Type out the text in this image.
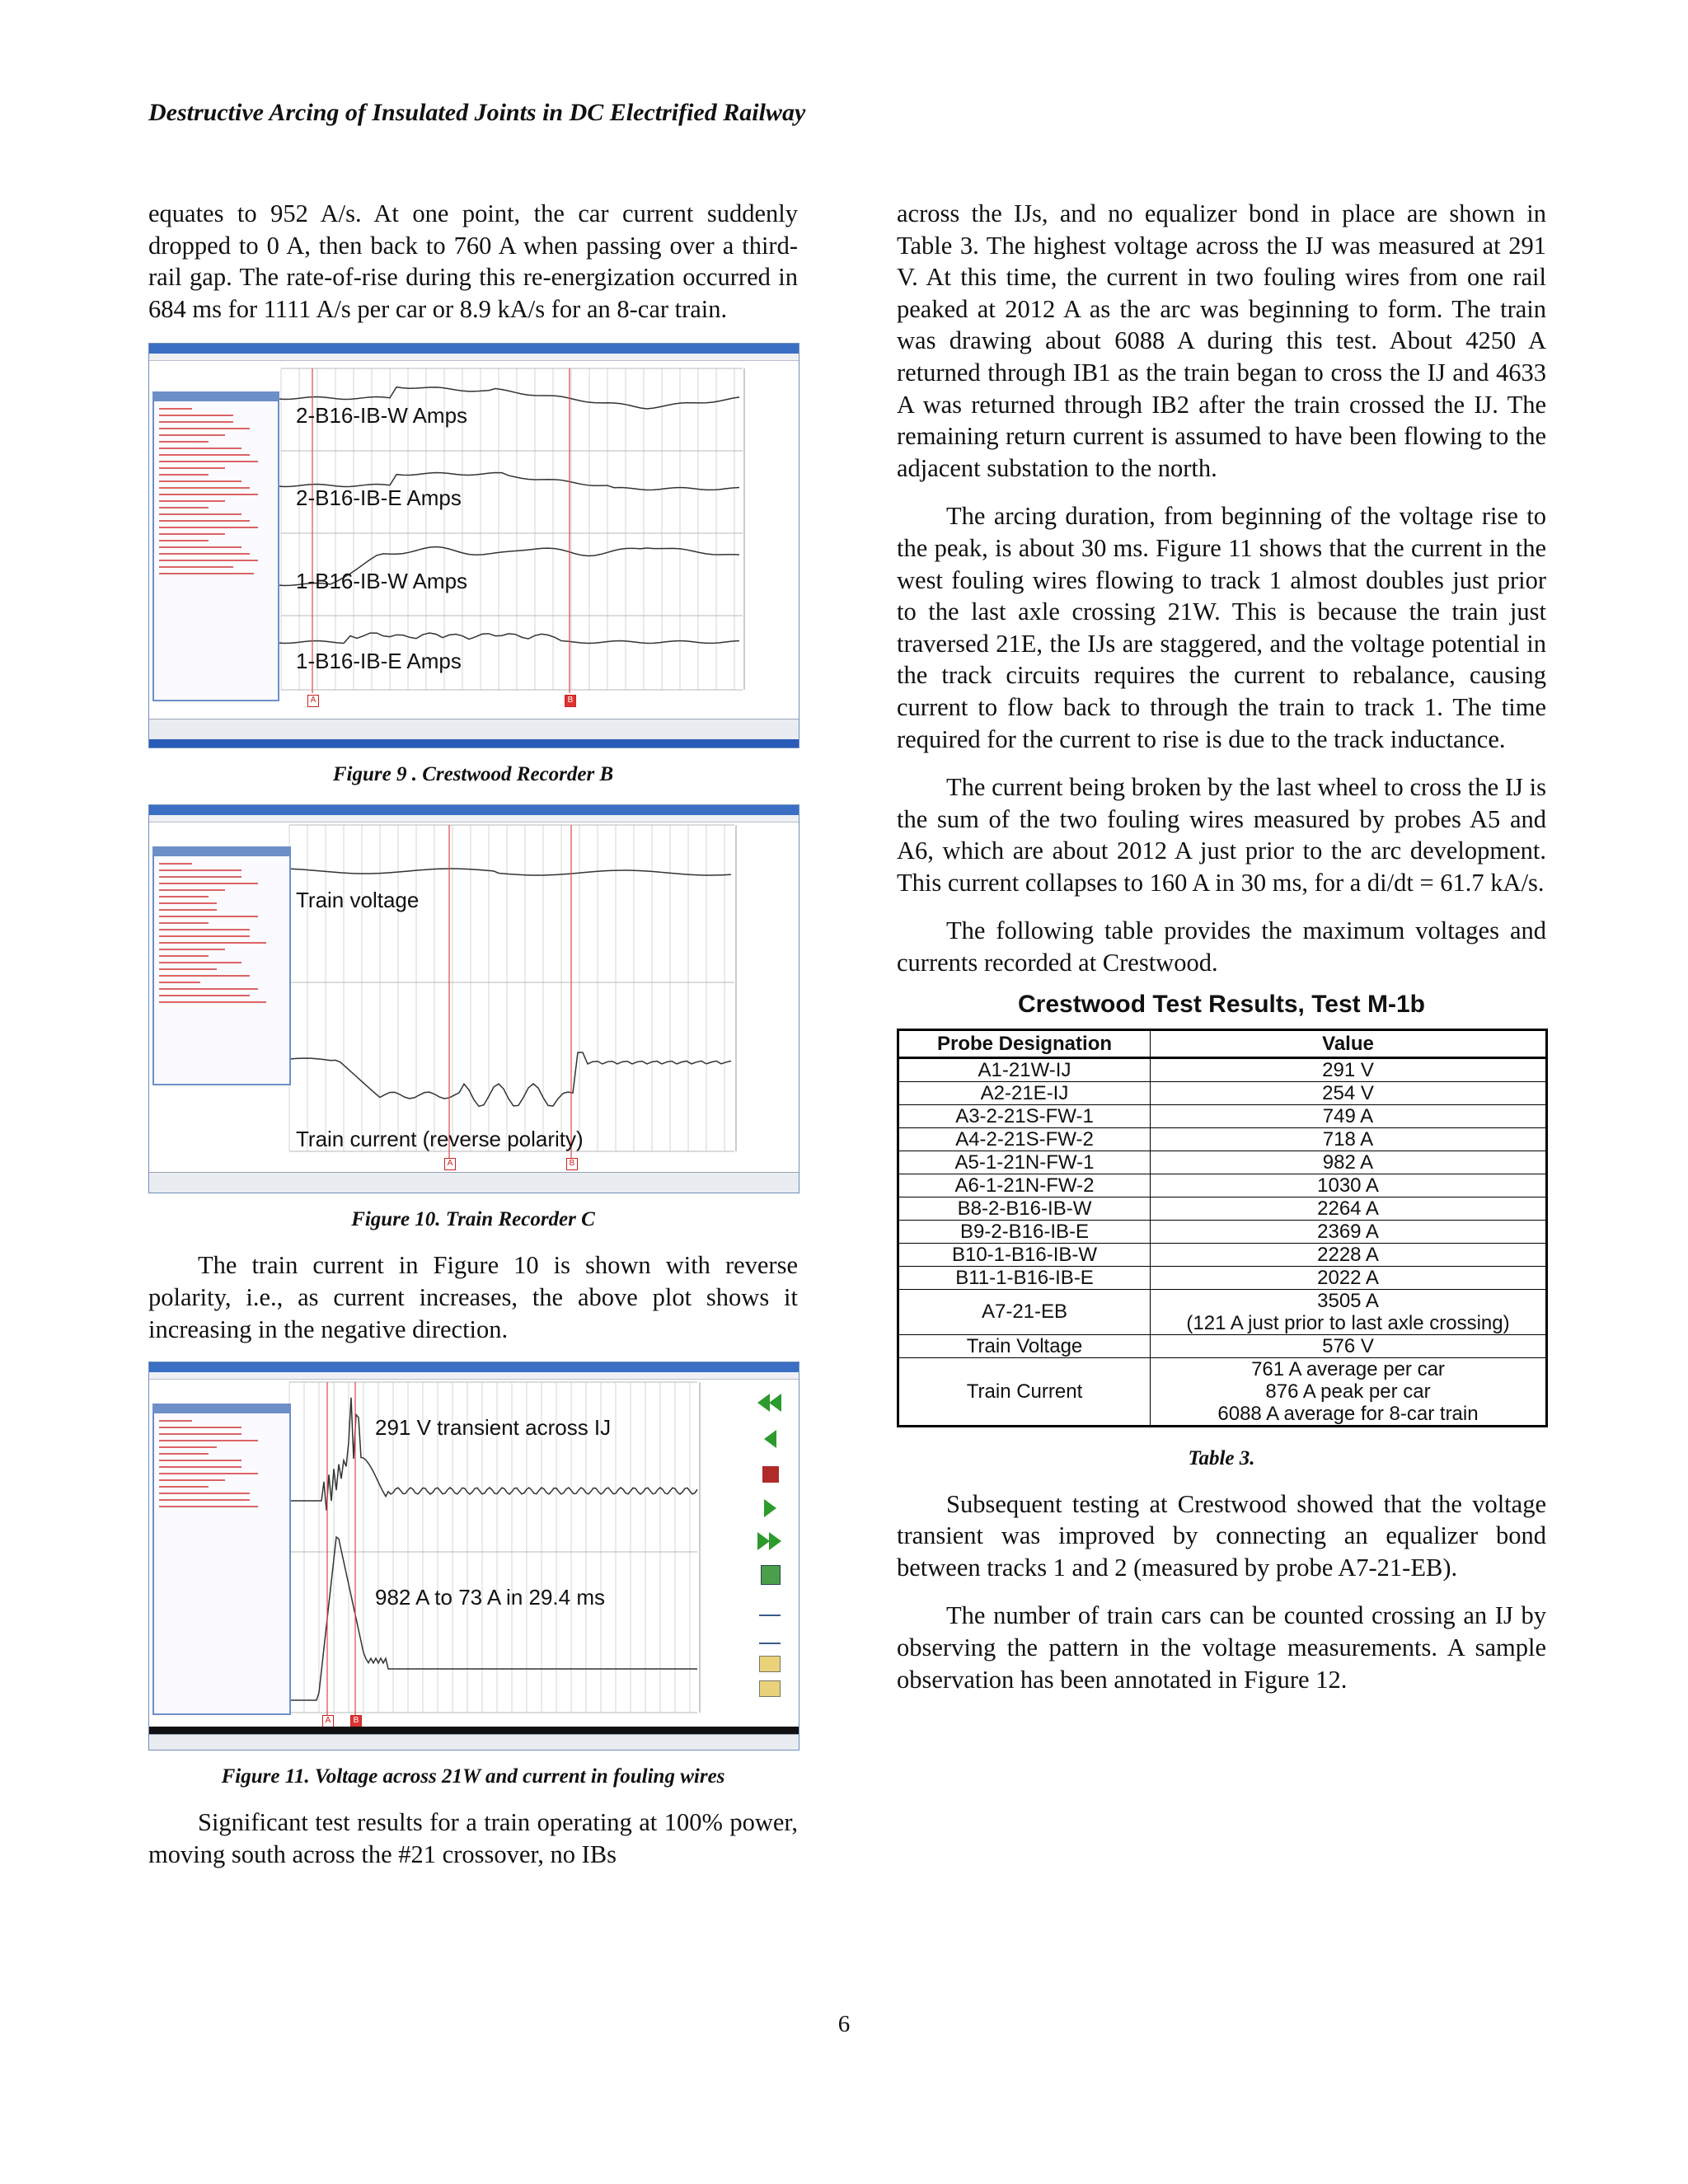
Destructive Arcing of Insulated Joints in DC Electrified Railway

equates to 952 A/s. At one point, the car current suddenly dropped to 0 A, then back to 760 A when passing over a third-rail gap. The rate-of-rise during this re-energization occurred in 684 ms for 1111 A/s per car or 8.9 kA/s for an 8-car train.

2-B16-IB-W Amps
2-B16-IB-E Amps
1-B16-IB-W Amps
1-B16-IB-E Amps
A	B
Figure 9 . Crestwood Recorder B
Train voltage
Train current (reverse polarity)
A	B
Figure 10. Train Recorder C

The train current in Figure 10 is shown with reverse polarity, i.e., as current increases, the above plot shows it increasing in the negative direction.

291 V transient across IJ
982 A to 73 A in 29.4 ms
A	B
Figure 11. Voltage across 21W and current in fouling wires

Significant test results for a train operating at 100% power, moving south across the #21 crossover, no IBs

across the IJs, and no equalizer bond in place are shown in Table 3. The highest voltage across the IJ was measured at 291 V. At this time, the current in two fouling wires from one rail peaked at 2012 A as the arc was beginning to form. The train was drawing about 6088 A during this test. About 4250 A returned through IB1 as the train began to cross the IJ and 4633 A was returned through IB2 after the train crossed the IJ. The remaining return current is assumed to have been flowing to the adjacent substation to the north.

The arcing duration, from beginning of the voltage rise to the peak, is about 30 ms. Figure 11 shows that the current in the west fouling wires flowing to track 1 almost doubles just prior to the last axle crossing 21W. This is because the train just traversed 21E, the IJs are staggered, and the voltage potential in the track circuits requires the current to rebalance, causing current to flow back to through the train to track 1. The time required for the current to rise is due to the track inductance.

The current being broken by the last wheel to cross the IJ is the sum of the two fouling wires measured by probes A5 and A6, which are about 2012 A just prior to the arc development. This current collapses to 160 A in 30 ms, for a di/dt = 61.7 kA/s.

The following table provides the maximum voltages and currents recorded at Crestwood.

Crestwood Test Results, Test M-1b
Probe Designation	Value
A1-21W-IJ	291 V

A2-21E-IJ	254 V

A3-2-21S-FW-1	749 A

A4-2-21S-FW-2	718 A

A5-1-21N-FW-1	982 A

A6-1-21N-FW-2	1030 A

B8-2-B16-IB-W	2264 A

B9-2-B16-IB-E	2369 A

B10-1-B16-IB-W	2228 A

B11-1-B16-IB-E	2022 A

A7-21-EB	3505 A
(121 A just prior to last axle crossing)

Train Voltage	576 V

Train Current	761 A average per car
876 A peak per car
6088 A average for 8-car train
Table 3.

Subsequent testing at Crestwood showed that the voltage transient was improved by connecting an equalizer bond between tracks 1 and 2 (measured by probe A7-21-EB).

The number of train cars can be counted crossing an IJ by observing the pattern in the voltage measurements. A sample observation has been annotated in Figure 12.

6
